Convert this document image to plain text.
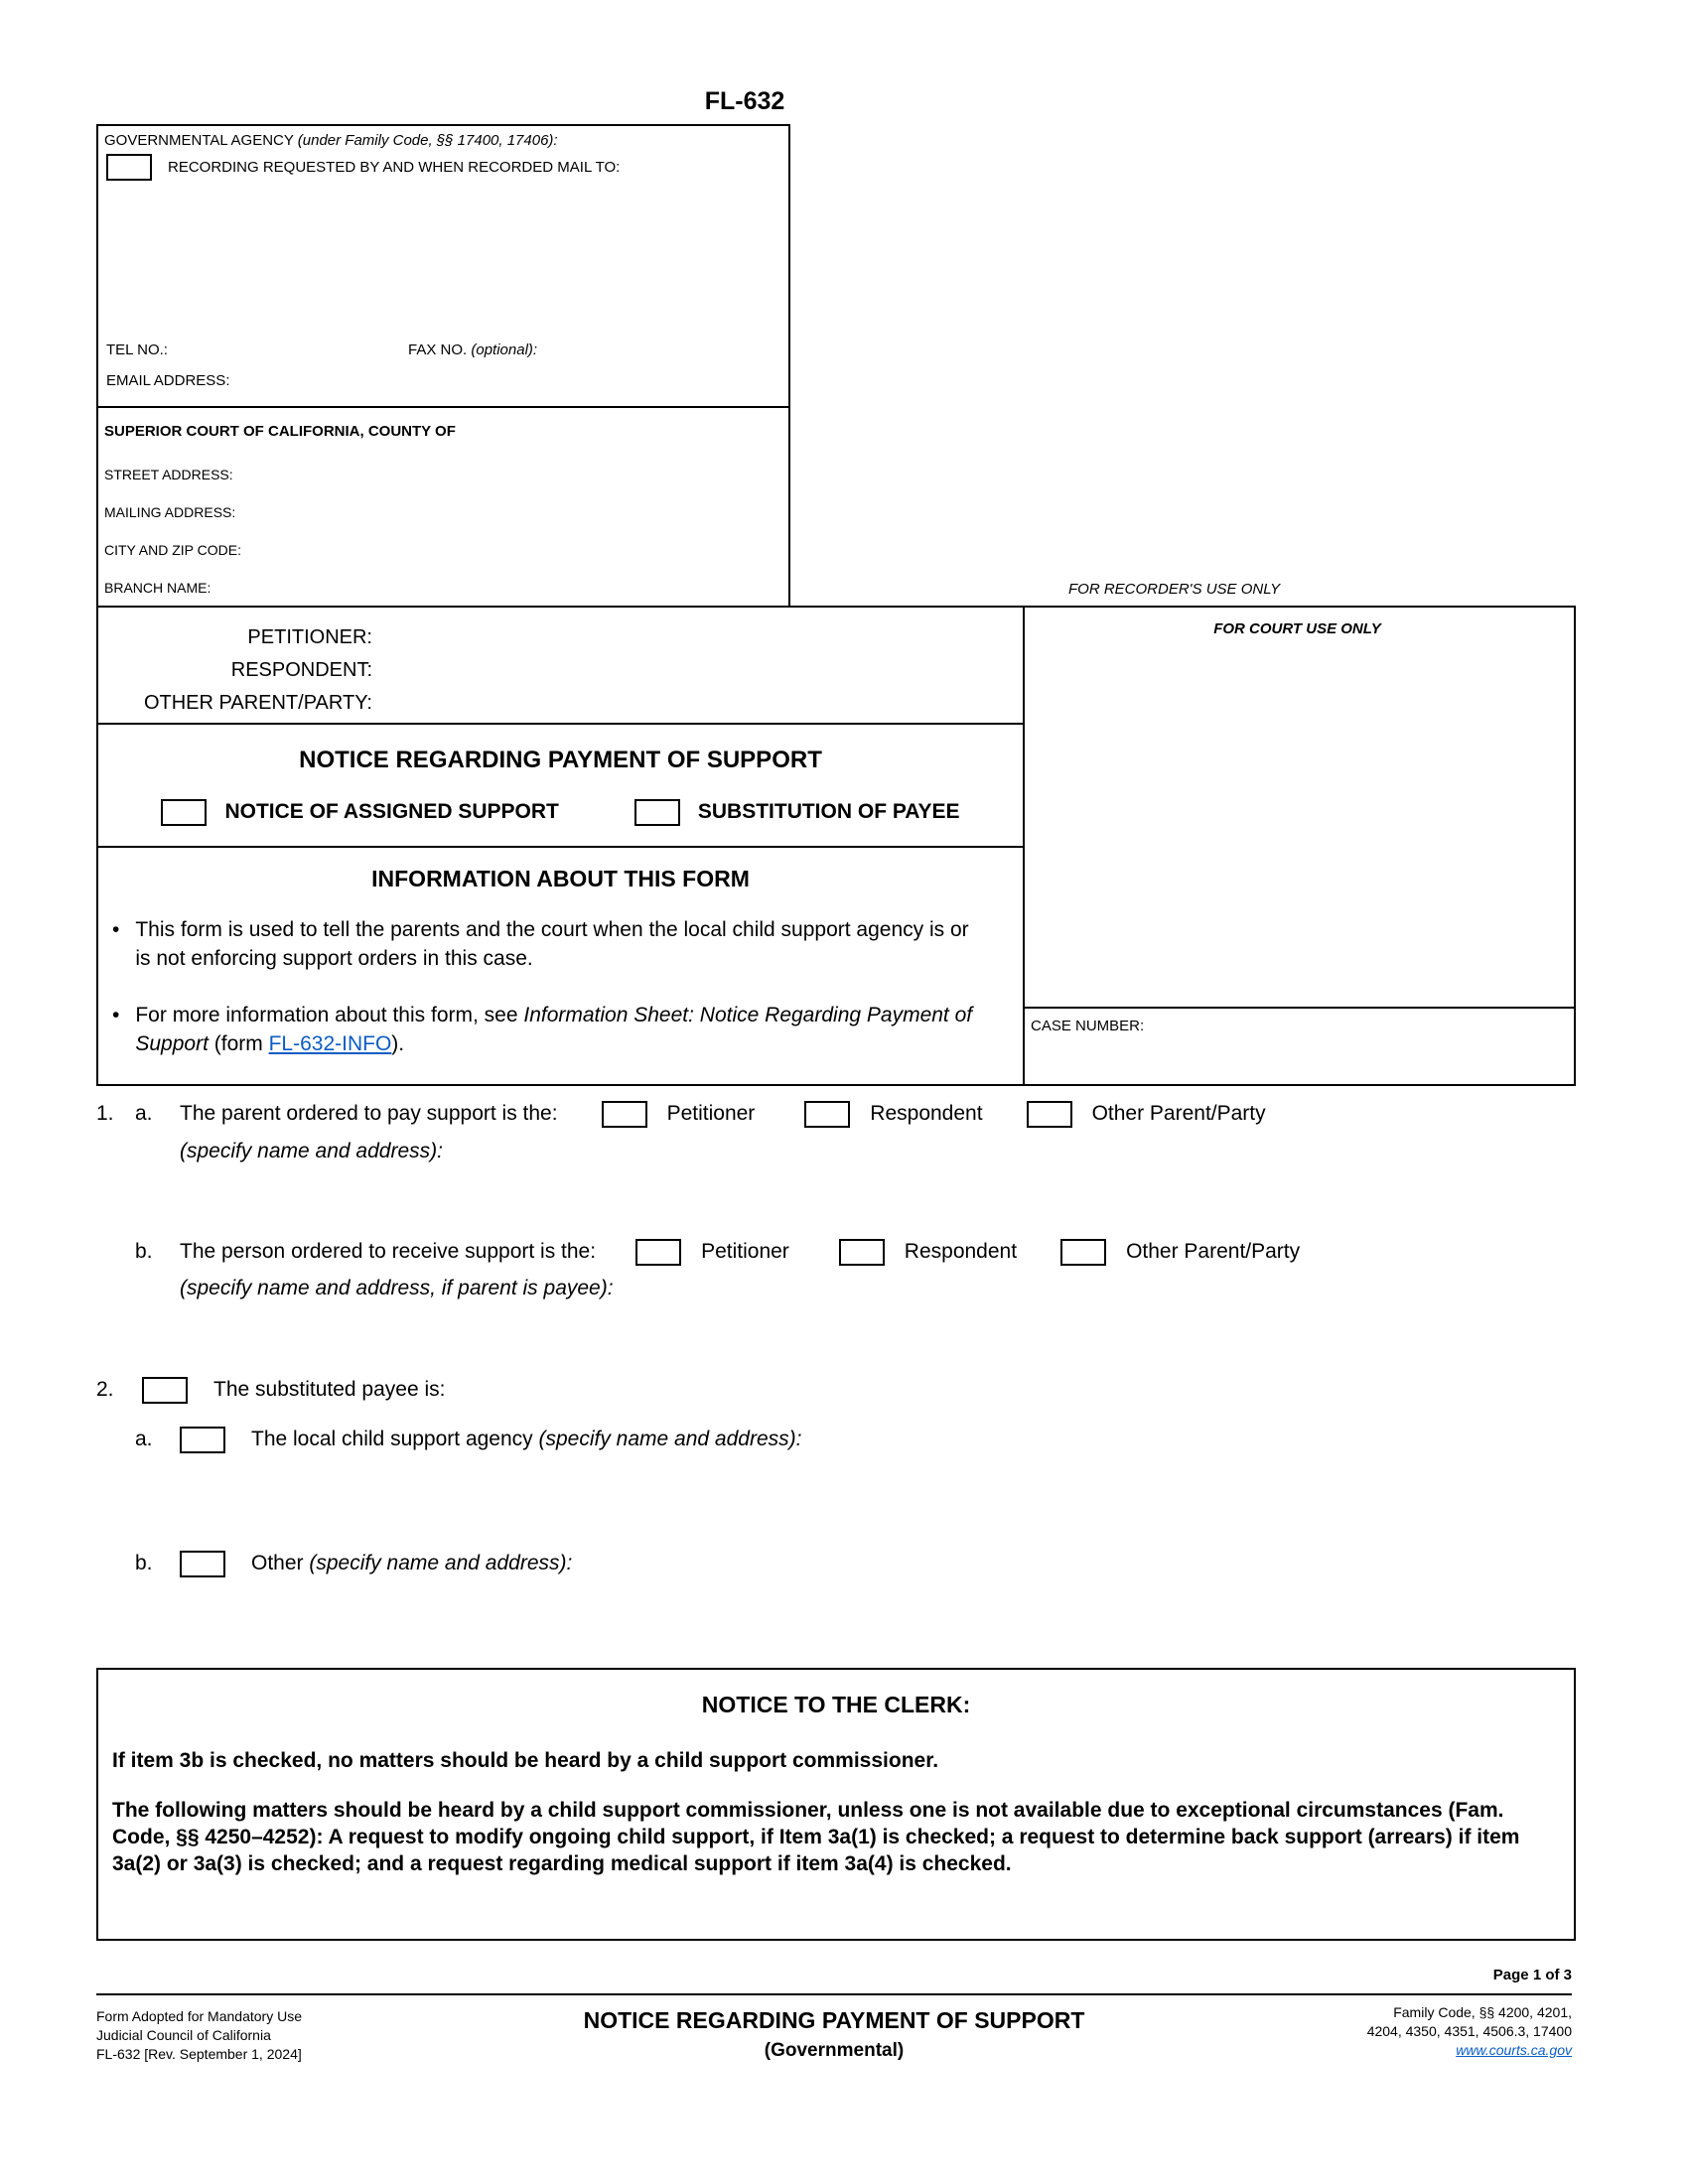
FL-632
GOVERNMENTAL AGENCY (under Family Code, §§ 17400, 17406):
RECORDING REQUESTED BY AND WHEN RECORDED MAIL TO:
TEL NO.:	FAX NO. (optional):
EMAIL ADDRESS:
SUPERIOR COURT OF CALIFORNIA, COUNTY OF
STREET ADDRESS:
MAILING ADDRESS:
CITY AND ZIP CODE:
BRANCH NAME:	FOR RECORDER'S USE ONLY
FOR COURT USE ONLY
CASE NUMBER:
PETITIONER:
RESPONDENT:
OTHER PARENT/PARTY:
NOTICE REGARDING PAYMENT OF SUPPORT
NOTICE OF ASSIGNED SUPPORT	SUBSTITUTION OF PAYEE
INFORMATION ABOUT THIS FORM
• This form is used to tell the parents and the court when the local child support agency is or is not enforcing support orders in this case.
• For more information about this form, see Information Sheet: Notice Regarding Payment of Support (form FL-632-INFO).
1.	a.	The parent ordered to pay support is the:	Petitioner	Respondent	Other Parent/Party
(specify name and address):
b.	The person ordered to receive support is the:	Petitioner	Respondent	Other Parent/Party
(specify name and address, if parent is payee):
2.	The substituted payee is:
a.	The local child support agency (specify name and address):
b.	Other (specify name and address):
NOTICE TO THE CLERK:
If item 3b is checked, no matters should be heard by a child support commissioner.
The following matters should be heard by a child support commissioner, unless one is not available due to exceptional circumstances (Fam. Code, §§ 4250–4252): A request to modify ongoing child support, if Item 3a(1) is checked; a request to determine back support (arrears) if item 3a(2) or 3a(3) is checked; and a request regarding medical support if item 3a(4) is checked.
Page 1 of 3
Form Adopted for Mandatory Use
Judicial Council of California
FL-632 [Rev. September 1, 2024]
NOTICE REGARDING PAYMENT OF SUPPORT
(Governmental)
Family Code, §§ 4200, 4201,
4204, 4350, 4351, 4506.3, 17400
www.courts.ca.gov
